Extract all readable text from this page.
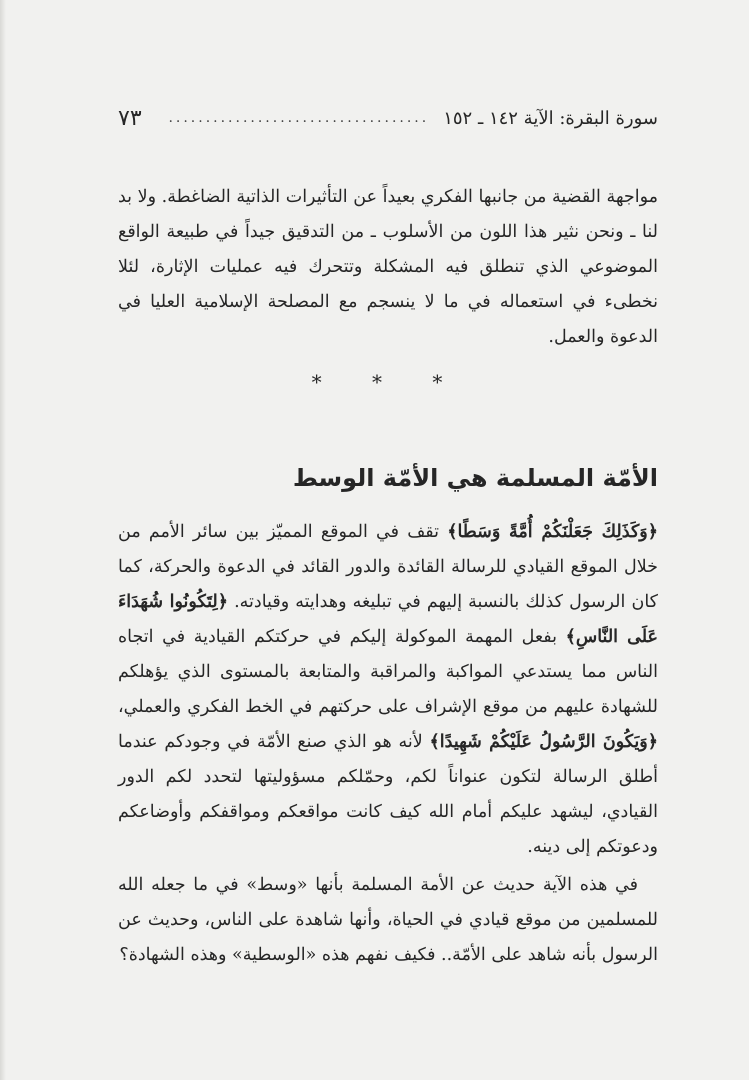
سورة البقرة: الآية ١٤٢ ـ ١٥٢
...................................
٧٣
مواجهة القضية من جانبها الفكري بعيداً عن التأثيرات الذاتية الضاغطة. ولا بد لنا ـ ونحن نثير هذا اللون من الأسلوب ـ من التدقيق جيداً في طبيعة الواقع الموضوعي الذي تنطلق فيه المشكلة وتتحرك فيه عمليات الإثارة، لئلا نخطىء في استعماله في ما لا ينسجم مع المصلحة الإسلامية العليا في الدعوة والعمل.
* * *
الأمّة المسلمة هي الأمّة الوسط
﴿وَكَذَلِكَ جَعَلْنَكُمْ أُمَّةً وَسَطًا﴾ تقف في الموقع المميّز بين سائر الأمم من خلال الموقع القيادي للرسالة القائدة والدور القائد في الدعوة والحركة، كما كان الرسول كذلك بالنسبة إليهم في تبليغه وهدايته وقيادته. ﴿لِتَكُونُوا شُهَدَاءَ عَلَى النَّاسِ﴾ بفعل المهمة الموكولة إليكم في حركتكم القيادية في اتجاه الناس مما يستدعي المواكبة والمراقبة والمتابعة بالمستوى الذي يؤهلكم للشهادة عليهم من موقع الإشراف على حركتهم في الخط الفكري والعملي، ﴿وَيَكُونَ الرَّسُولُ عَلَيْكُمْ شَهِيدًا﴾ لأنه هو الذي صنع الأمّة في وجودكم عندما أطلق الرسالة لتكون عنواناً لكم، وحمّلكم مسؤوليتها لتحدد لكم الدور القيادي، ليشهد عليكم أمام الله كيف كانت مواقعكم ومواقفكم وأوضاعكم ودعوتكم إلى دينه.
في هذه الآية حديث عن الأمة المسلمة بأنها «وسط» في ما جعله الله للمسلمين من موقع قيادي في الحياة، وأنها شاهدة على الناس، وحديث عن الرسول بأنه شاهد على الأمّة.. فكيف نفهم هذه «الوسطية» وهذه الشهادة؟
